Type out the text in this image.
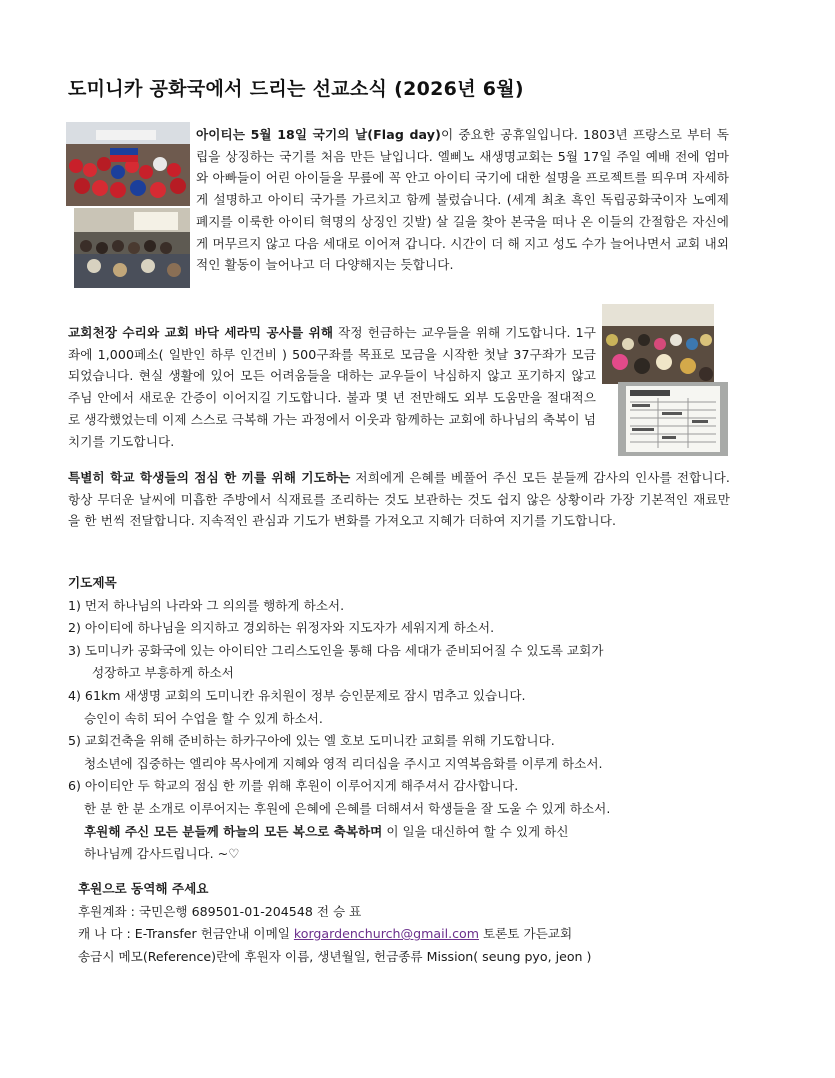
도미니카 공화국에서 드리는 선교소식 (2026년 6월)
아이티는 5월 18일 국기의 날(Flag day)이 중요한 공휴일입니다. 1803년 프랑스로 부터 독립을 상징하는 국기를 처음 만든 날입니다. 엘삐노 새생명교회는 5월 17일 주일 예배 전에 엄마와 아빠들이 어린 아이들을 무릎에 꼭 안고 아이티 국기에 대한 설명을 프로젝트를 띄우며 자세하게 설명하고 아이티 국가를 가르치고 함께 불렀습니다. (세계 최초 흑인 독립공화국이자 노예제 폐지를 이룩한 아이티 혁명의 상징인 깃발) 살 길을 찾아 본국을 떠나 온 이들의 간절함은 자신에게 머무르지 않고 다음 세대로 이어져 갑니다. 시간이 더 해 지고 성도 수가 늘어나면서 교회 내외적인 활동이 늘어나고 더 다양해지는 듯합니다.
교회천장 수리와 교회 바닥 세라믹 공사를 위해 작정 헌금하는 교우들을 위해 기도합니다. 1구좌에 1,000페소( 일반인 하루 인건비 ) 500구좌를 목표로 모금을 시작한 첫날 37구좌가 모금 되었습니다. 현실 생활에 있어 모든 어려움들을 대하는 교우들이 낙심하지 않고 포기하지 않고 주님 안에서 새로운 간증이 이어지길 기도합니다. 불과 몇 년 전만해도 외부 도움만을 절대적으로 생각했었는데 이제 스스로 극복해 가는 과정에서 이웃과 함께하는 교회에 하나님의 축복이 넘치기를 기도합니다.
특별히 학교 학생들의 점심 한 끼를 위해 기도하는 저희에게 은혜를 베풀어 주신 모든 분들께 감사의 인사를 전합니다. 항상 무더운 날씨에 미흡한 주방에서 식재료를 조리하는 것도 보관하는 것도 쉽지 않은 상황이라 가장 기본적인 재료만을 한 번씩 전달합니다. 지속적인 관심과 기도가 변화를 가져오고 지혜가 더하여 지기를 기도합니다.
기도제목
1) 먼저 하나님의 나라와 그 의의를 행하게 하소서.
2) 아이티에 하나님을 의지하고 경외하는 위정자와 지도자가 세워지게 하소서.
3) 도미니카 공화국에 있는 아이티안 그리스도인을 통해 다음 세대가 준비되어질 수 있도록 교회가
성장하고 부흥하게 하소서
4) 61km 새생명 교회의 도미니칸 유치원이 정부 승인문제로 잠시 멈추고 있습니다.
승인이 속히 되어 수업을 할 수 있게 하소서.
5) 교회건축을 위해 준비하는 하카구아에 있는 엘 호보 도미니칸 교회를 위해 기도합니다.
청소년에 집중하는 엘리야 목사에게 지혜와 영적 리더십을 주시고 지역복음화를 이루게 하소서.
6) 아이티안 두 학교의 점심 한 끼를 위해 후원이 이루어지게 해주셔서 감사합니다.
한 분 한 분 소개로 이루어지는 후원에 은혜에 은혜를 더해셔서 학생들을 잘 도울 수 있게 하소서.
후원해 주신 모든 분들께 하늘의 모든 복으로 축복하며 이 일을 대신하여 할 수 있게 하신
하나님께 감사드립니다. ~♡
후원으로 동역해 주세요
후원계좌 : 국민은행 689501-01-204548 전 승 표
캐 나 다 : E-Transfer 헌금안내 이메일 korgardenchurch@gmail.com 토론토 가든교회
송금시 메모(Reference)란에 후원자 이름, 생년월일, 헌금종류 Mission( seung pyo, jeon )
